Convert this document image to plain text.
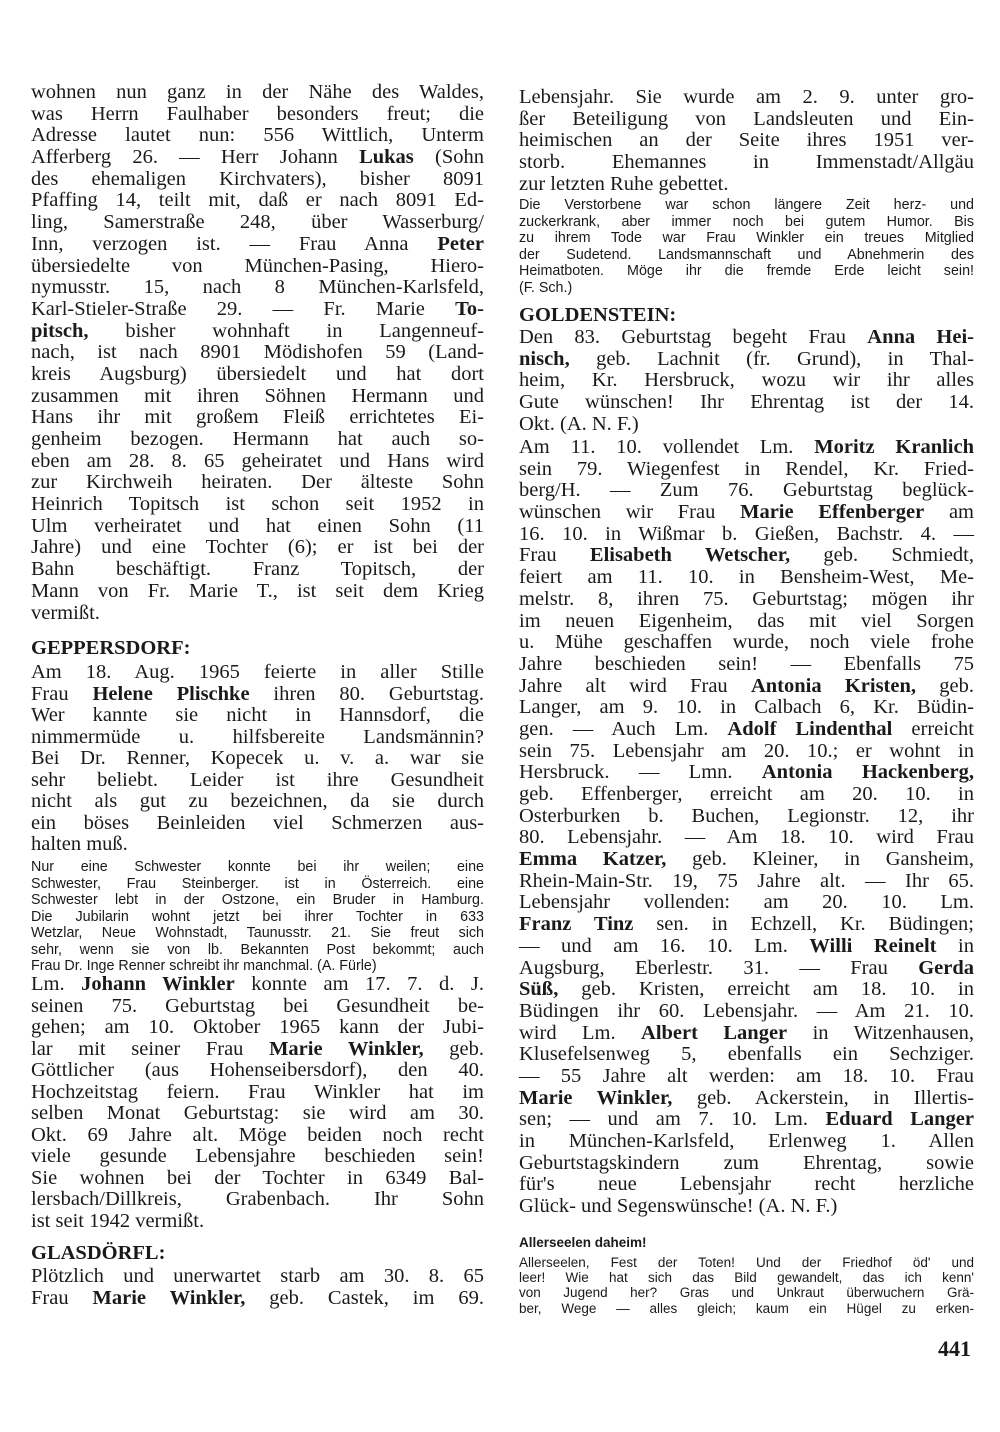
wohnen nun ganz in der Nähe des Waldes,
was Herrn Faulhaber besonders freut; die
Adresse lautet nun: 556 Wittlich, Unterm
Afferberg 26. — Herr Johann Lukas (Sohn
des ehemaligen Kirchvaters), bisher 8091
Pfaffing 14, teilt mit, daß er nach 8091 Ed-
ling, Samerstraße 248, über Wasserburg/
Inn, verzogen ist. — Frau Anna Peter
übersiedelte von München-Pasing, Hiero-
nymusstr. 15, nach 8 München-Karlsfeld,
Karl-Stieler-Straße 29. — Fr. Marie To-
pitsch, bisher wohnhaft in Langenneuf-
nach, ist nach 8901 Mödishofen 59 (Land-
kreis Augsburg) übersiedelt und hat dort
zusammen mit ihren Söhnen Hermann und
Hans ihr mit großem Fleiß errichtetes Ei-
genheim bezogen. Hermann hat auch so-
eben am 28. 8. 65 geheiratet und Hans wird
zur Kirchweih heiraten. Der älteste Sohn
Heinrich Topitsch ist schon seit 1952 in
Ulm verheiratet und hat einen Sohn (11
Jahre) und eine Tochter (6); er ist bei der
Bahn beschäftigt. Franz Topitsch, der
Mann von Fr. Marie T., ist seit dem Krieg
vermißt.
GEPPERSDORF:
Am 18. Aug. 1965 feierte in aller Stille
Frau Helene Plischke ihren 80. Geburtstag.
Wer kannte sie nicht in Hannsdorf, die
nimmermüde u. hilfsbereite Landsmännin?
Bei Dr. Renner, Kopecek u. v. a. war sie
sehr beliebt. Leider ist ihre Gesundheit
nicht als gut zu bezeichnen, da sie durch
ein böses Beinleiden viel Schmerzen aus-
halten muß.
Nur eine Schwester konnte bei ihr weilen; eine
Schwester, Frau Steinberger. ist in Österreich. eine
Schwester lebt in der Ostzone, ein Bruder in Hamburg.
Die Jubilarin wohnt jetzt bei ihrer Tochter in 633
Wetzlar, Neue Wohnstadt, Taunusstr. 21. Sie freut sich
sehr, wenn sie von lb. Bekannten Post bekommt; auch
Frau Dr. Inge Renner schreibt ihr manchmal. (A. Fürle)
Lm. Johann Winkler konnte am 17. 7. d. J.
seinen 75. Geburtstag bei Gesundheit be-
gehen; am 10. Oktober 1965 kann der Jubi-
lar mit seiner Frau Marie Winkler, geb.
Göttlicher (aus Hohenseibersdorf), den 40.
Hochzeitstag feiern. Frau Winkler hat im
selben Monat Geburtstag: sie wird am 30.
Okt. 69 Jahre alt. Möge beiden noch recht
viele gesunde Lebensjahre beschieden sein!
Sie wohnen bei der Tochter in 6349 Bal-
lersbach/Dillkreis, Grabenbach. Ihr Sohn
ist seit 1942 vermißt.
GLASDÖRFL:
Plötzlich und unerwartet starb am 30. 8. 65
Frau Marie Winkler, geb. Castek, im 69.
Lebensjahr. Sie wurde am 2. 9. unter gro-
ßer Beteiligung von Landsleuten und Ein-
heimischen an der Seite ihres 1951 ver-
storb. Ehemannes in Immenstadt/Allgäu
zur letzten Ruhe gebettet.
Die Verstorbene war schon längere Zeit herz- und
zuckerkrank, aber immer noch bei gutem Humor. Bis
zu ihrem Tode war Frau Winkler ein treues Mitglied
der Sudetend. Landsmannschaft und Abnehmerin des
Heimatboten. Möge ihr die fremde Erde leicht sein!
(F. Sch.)
GOLDENSTEIN:
Den 83. Geburtstag begeht Frau Anna Hei-
nisch, geb. Lachnit (fr. Grund), in Thal-
heim, Kr. Hersbruck, wozu wir ihr alles
Gute wünschen! Ihr Ehrentag ist der 14.
Okt. (A. N. F.)
Am 11. 10. vollendet Lm. Moritz Kranlich
sein 79. Wiegenfest in Rendel, Kr. Fried-
berg/H. — Zum 76. Geburtstag beglück-
wünschen wir Frau Marie Effenberger am
16. 10. in Wißmar b. Gießen, Bachstr. 4. —
Frau Elisabeth Wetscher, geb. Schmiedt,
feiert am 11. 10. in Bensheim-West, Me-
melstr. 8, ihren 75. Geburtstag; mögen ihr
im neuen Eigenheim, das mit viel Sorgen
u. Mühe geschaffen wurde, noch viele frohe
Jahre beschieden sein! — Ebenfalls 75
Jahre alt wird Frau Antonia Kristen, geb.
Langer, am 9. 10. in Calbach 6, Kr. Büdin-
gen. — Auch Lm. Adolf Lindenthal erreicht
sein 75. Lebensjahr am 20. 10.; er wohnt in
Hersbruck. — Lmn. Antonia Hackenberg,
geb. Effenberger, erreicht am 20. 10. in
Osterburken b. Buchen, Legionstr. 12, ihr
80. Lebensjahr. — Am 18. 10. wird Frau
Emma Katzer, geb. Kleiner, in Gansheim,
Rhein-Main-Str. 19, 75 Jahre alt. — Ihr 65.
Lebensjahr vollenden: am 20. 10. Lm.
Franz Tinz sen. in Echzell, Kr. Büdingen;
— und am 16. 10. Lm. Willi Reinelt in
Augsburg, Eberlestr. 31. — Frau Gerda
Süß, geb. Kristen, erreicht am 18. 10. in
Büdingen ihr 60. Lebensjahr. — Am 21. 10.
wird Lm. Albert Langer in Witzenhausen,
Klusefelsenweg 5, ebenfalls ein Sechziger.
— 55 Jahre alt werden: am 18. 10. Frau
Marie Winkler, geb. Ackerstein, in Illertis-
sen; — und am 7. 10. Lm. Eduard Langer
in München-Karlsfeld, Erlenweg 1. Allen
Geburtstagskindern zum Ehrentag, sowie
für's neue Lebensjahr recht herzliche
Glück- und Segenswünsche! (A. N. F.)
Allerseelen daheim!
Allerseelen, Fest der Toten! Und der Friedhof öd' und
leer! Wie hat sich das Bild gewandelt, das ich kenn'
von Jugend her? Gras und Unkraut überwuchern Grä-
ber, Wege — alles gleich; kaum ein Hügel zu erken-
441
